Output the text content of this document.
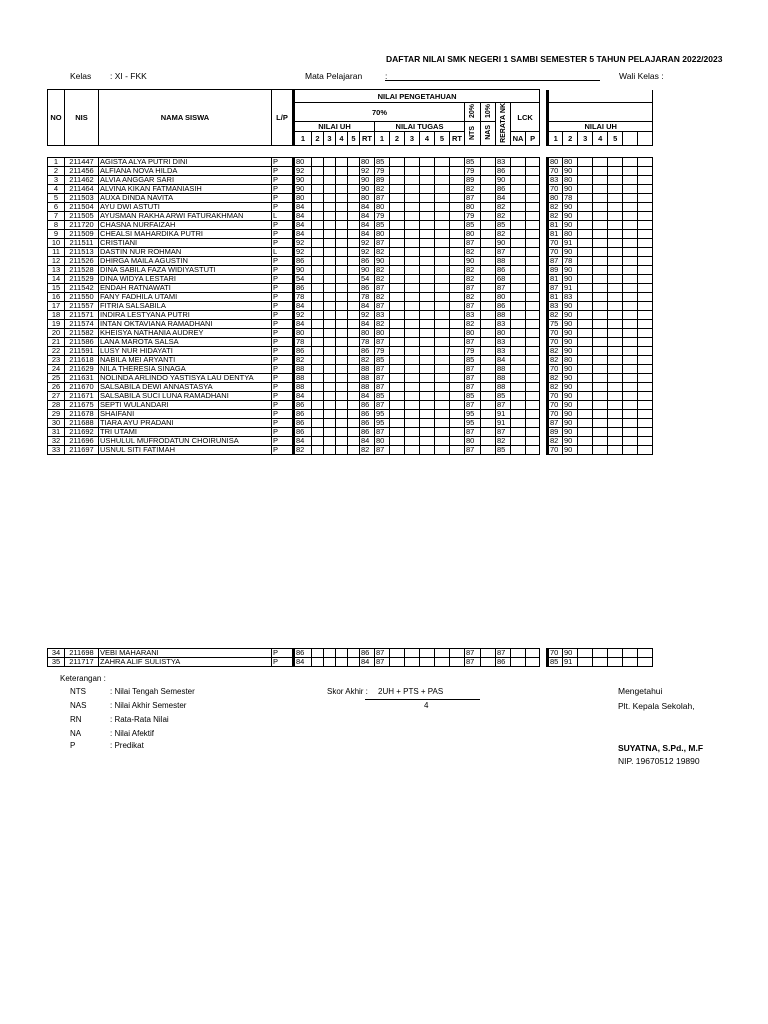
DAFTAR NILAI SMK NEGERI 1 SAMBI SEMESTER 5 TAHUN PELAJARAN 2022/2023
Kelas : XI - FKK	Mata Pelajaran	:	Wali Kelas :
NO	NIS	NAMA SISWA	L/P	NILAI PENGETAHUAN																								
				70%												20%	10%	RERATA NK	LCK									
				NILAI UH						NILAI TUGAS						NTS	NAS					NILAI UH						
				1	2	3	4	5	RT	1	2	3	4	5	RT				NA	P		1	2	3	4	5		
1	211447	AGISTA ALYA PUTRI DINI	P	80					80	85						85		83				80	80					
2	211456	ALFIANA NOVA HILDA	P	92					92	79						79		86				70	90					
3	211462	ALVIA ANGGAR SARI	P	90					90	89						89		90				83	80					
4	211464	ALVINA KIKAN FATMANIASIH	P	90					90	82						82		86				70	90					
5	211503	AUXA DINDA NAVITA	P	80					80	87						87		84				80	78					
6	211504	AYU DWI ASTUTI	P	84					84	80						80		82				82	90					
7	211505	AYUSMAN RAKHA ARWI FATURAKHMAN	L	84					84	79						79		82				82	90					
8	211720	CHASNA NURFAIZAH	P	84					84	85						85		85				81	90					
9	211509	CHEALSI MAHARDIKA PUTRI	P	84					84	80						80		82				81	80					
10	211511	CRISTIANI	P	92					92	87						87		90				70	91					
11	211513	DASTIN NUR ROHMAN	L	92					92	82						82		87				70	90					
12	211526	DHIRGA MAILA AGUSTIN	P	86					86	90						90		88				87	78					
13	211528	DINA SABILA FAZA WIDIYASTUTI	P	90					90	82						82		86				89	90					
14	211529	DINA WIDYA LESTARI	P	54					54	82						82		68				81	90					
15	211542	ENDAH RATNAWATI	P	86					86	87						87		87				87	91					
16	211550	FANY FADHILA UTAMI	P	78					78	82						82		80				81	83					
17	211557	FITRIA SALSABILA	P	84					84	87						87		86				83	90					
18	211571	INDIRA LESTYANA PUTRI	P	92					92	83						83		88				82	90					
19	211574	INTAN OKTAVIANA RAMADHANI	P	84					84	82						82		83				75	90					
20	211582	KHEISYA NATHANIA AUDREY	P	80					80	80						80		80				70	90					
21	211586	LANA MAROTA SALSA	P	78					78	87						87		83				70	90					
22	211591	LUSY NUR HIDAYATI	P	86					86	79						79		83				82	90					
23	211618	NABILA MEI ARYANTI	P	82					82	85						85		84				82	80					
24	211629	NILA THERESIA SINAGA	P	88					88	87						87		88				70	90					
25	211631	NOLINDA ARLINDO YASTISYA LAU DENTYA	P	88					88	87						87		88				82	90					
26	211670	SALSABILA DEWI ANNASTASYA	P	88					88	87						87		88				82	90					
27	211671	SALSABILA SUCI LUNA RAMADHANI	P	84					84	85						85		85				70	90					
28	211675	SEPTI WULANDARI	P	86					86	87						87		87				70	90					
29	211678	SHAIFANI	P	86					86	95						95		91				70	90					
30	211688	TIARA AYU PRADANI	P	86					86	95						95		91				87	90					
31	211692	TRI UTAMI	P	86					86	87						87		87				89	90					
32	211696	USHULUL MUFRODATUN CHOIRUNISA	P	84					84	80						80		82				82	90					
33	211697	USNUL SITI FATIMAH	P	82					82	87						87		85				70	90					
34	211698	VEBI MAHARANI	P	86					86	87						87		87				70	90					
35	211717	ZAHRA ALIF SULISTYA	P	84					84	87						87		86				85	91					
Keterangan :
NTS	: Nilai Tengah Semester
NAS	: Nilai Akhir Semester
RN	: Rata-Rata Nilai
NA	: Nilai Afektif
P	: Predikat
Skor Akhir : 2UH + PTS + PAS
4
Mengetahui
Plt. Kepala Sekolah,
SUYATNA, S.Pd., M.F
NIP. 19670512 19890
